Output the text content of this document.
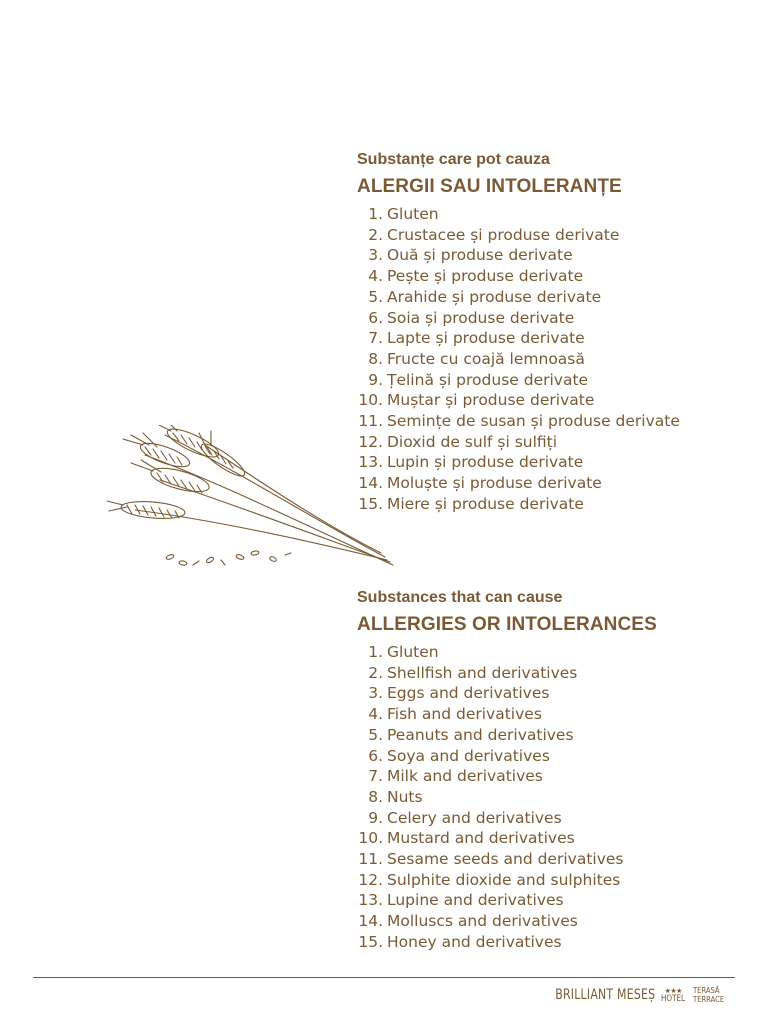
Substanțe care pot cauza

ALERGII SAU INTOLERANȚE
1. Gluten
2. Crustacee și produse derivate
3. Ouă și produse derivate
4. Pește și produse derivate
5. Arahide și produse derivate
6. Soia și produse derivate
7. Lapte și produse derivate
8. Fructe cu coajă lemnoasă
9. Țelină și produse derivate
10. Muștar și produse derivate
11. Semințe de susan și produse derivate
12. Dioxid de sulf și sulfiți
13. Lupin și produse derivate
14. Moluște și produse derivate
15. Miere și produse derivate

Substances that can cause

ALLERGIES OR INTOLERANCES
1. Gluten
2. Shellfish and derivatives
3. Eggs and derivatives
4. Fish and derivatives
5. Peanuts and derivatives
6. Soya and derivatives
7. Milk and derivatives
8. Nuts
9. Celery and derivatives
10. Mustard and derivatives
11. Sesame seeds and derivatives
12. Sulphite dioxide and sulphites
13. Lupine and derivatives
14. Molluscs and derivatives
15. Honey and derivatives
BRILLIANT MESEȘ ★★★
HOTEL
TERASĂ
TERRACE
